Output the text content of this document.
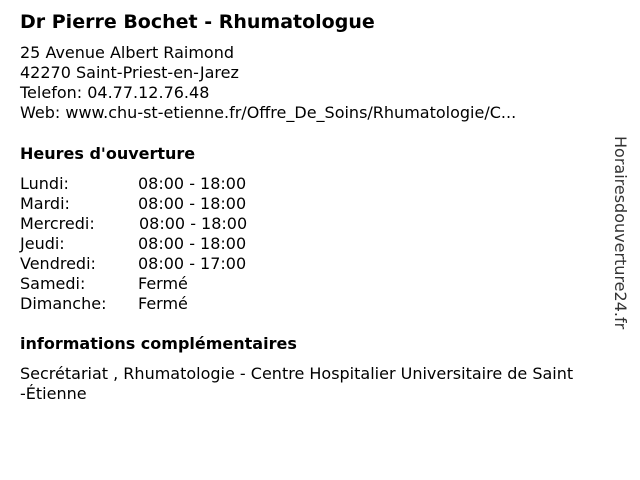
Dr Pierre Bochet - Rhumatologue
25 Avenue Albert Raimond
42270 Saint-Priest-en-Jarez
Telefon: 04.77.12.76.48
Web: www.chu-st-etienne.fr/Offre_De_Soins/Rhumatologie/C...
Heures d'ouverture
Lundi:	08:00 - 18:00
Mardi:	08:00 - 18:00
Mercredi:	08:00 - 18:00
Jeudi:	08:00 - 18:00
Vendredi:	08:00 - 17:00
Samedi:	Fermé
Dimanche: Fermé
informations complémentaires
Secrétariat , Rhumatologie - Centre Hospitalier Universitaire de Saint
-Étienne
Horairesdouverture24.fr
